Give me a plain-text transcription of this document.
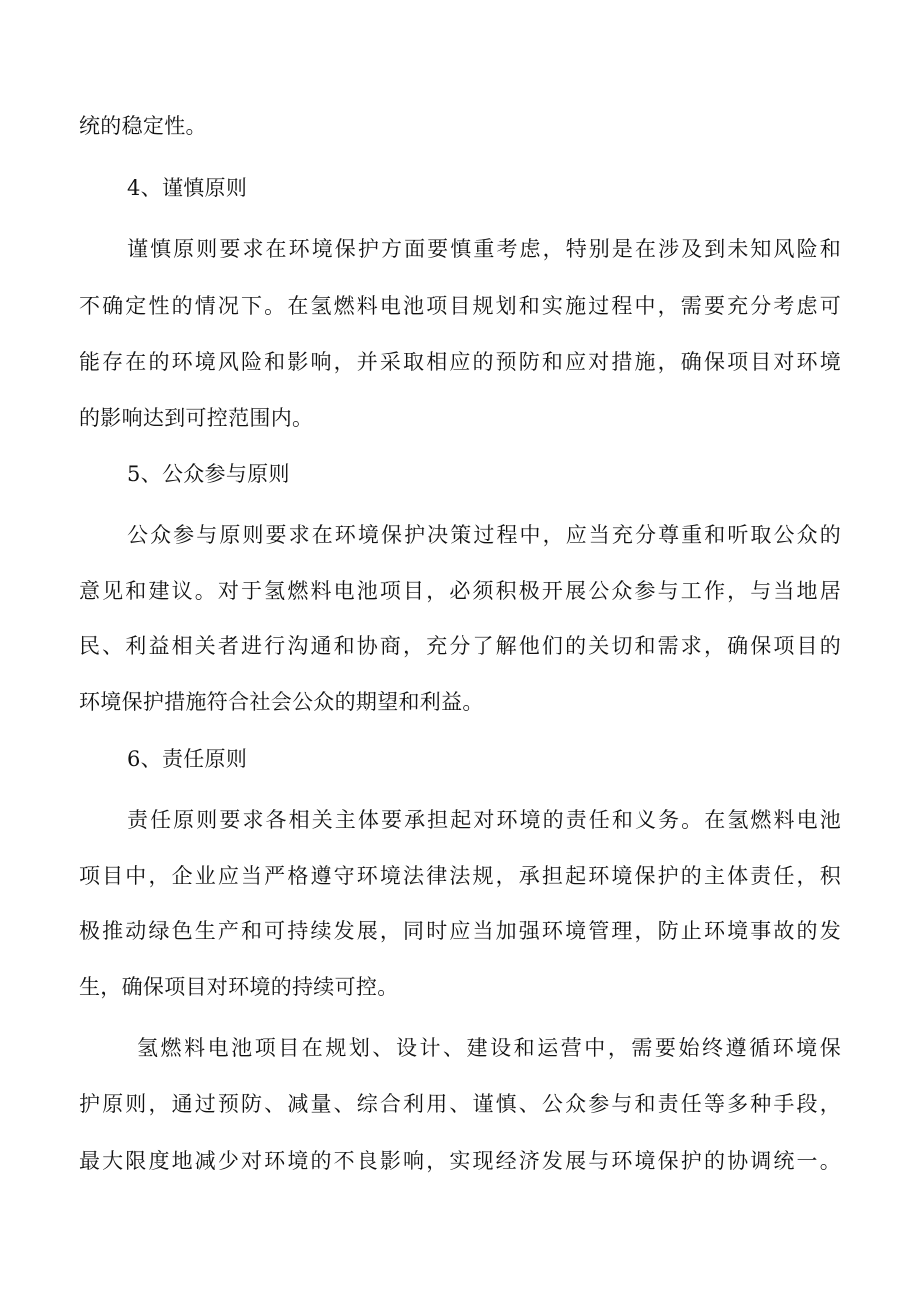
统的稳定性。
4、谨慎原则
谨慎原则要求在环境保护方面要慎重考虑，特别是在涉及到未知风险和
不确定性的情况下。在氢燃料电池项目规划和实施过程中，需要充分考虑可
能存在的环境风险和影响，并采取相应的预防和应对措施，确保项目对环境
的影响达到可控范围内。
5、公众参与原则
公众参与原则要求在环境保护决策过程中，应当充分尊重和听取公众的
意见和建议。对于氢燃料电池项目，必须积极开展公众参与工作，与当地居
民、利益相关者进行沟通和协商，充分了解他们的关切和需求，确保项目的
环境保护措施符合社会公众的期望和利益。
6、责任原则
责任原则要求各相关主体要承担起对环境的责任和义务。在氢燃料电池
项目中，企业应当严格遵守环境法律法规，承担起环境保护的主体责任，积
极推动绿色生产和可持续发展，同时应当加强环境管理，防止环境事故的发
生，确保项目对环境的持续可控。
氢燃料电池项目在规划、设计、建设和运营中，需要始终遵循环境保
护原则，通过预防、减量、综合利用、谨慎、公众参与和责任等多种手段，
最大限度地减少对环境的不良影响，实现经济发展与环境保护的协调统一。
